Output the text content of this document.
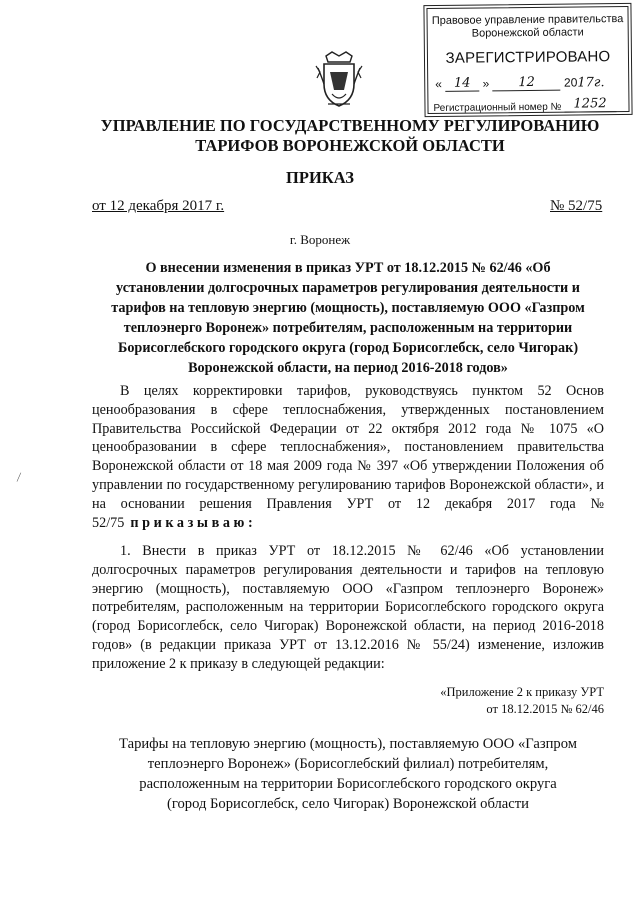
Правовое управление правительства
Воронежской области
ЗАРЕГИСТРИРОВАНО
« 14 » 12 2017г.
Регистрационный номер № 1252
УПРАВЛЕНИЕ ПО ГОСУДАРСТВЕННОМУ РЕГУЛИРОВАНИЮ
ТАРИФОВ ВОРОНЕЖСКОЙ ОБЛАСТИ
ПРИКАЗ
от 12 декабря 2017 г.	№ 52/75
г. Воронеж
О внесении изменения в приказ УРТ от 18.12.2015 № 62/46 «Об
установлении долгосрочных параметров регулирования деятельности и
тарифов на тепловую энергию (мощность), поставляемую ООО «Газпром
теплоэнерго Воронеж» потребителям, расположенным на территории
Борисоглебского городского округа (город Борисоглебск, село Чигорак)
Воронежской области, на период 2016-2018 годов»

В целях корректировки тарифов, руководствуясь пунктом 52 Основ ценообразования в сфере теплоснабжения, утвержденных постановлением Правительства Российской Федерации от 22 октября 2012 года № 1075 «О ценообразовании в сфере теплоснабжения», постановлением правительства Воронежской области от 18 мая 2009 года № 397 «Об утверждении Положения об управлении по государственному регулированию тарифов Воронежской области», и на основании решения Правления УРТ от 12 декабря 2017 года № 52/75 приказываю:

⁄

1. Внести в приказ УРТ от 18.12.2015 № 62/46 «Об установлении долгосрочных параметров регулирования деятельности и тарифов на тепловую энергию (мощность), поставляемую ООО «Газпром теплоэнерго Воронеж» потребителям, расположенным на территории Борисоглебского городского округа (город Борисоглебск, село Чигорак) Воронежской области, на период 2016-2018 годов» (в редакции приказа УРТ от 13.12.2016 № 55/24) изменение, изложив приложение 2 к приказу в следующей редакции:

«Приложение 2 к приказу УРТ
от 18.12.2015 № 62/46
Тарифы на тепловую энергию (мощность), поставляемую ООО «Газпром
теплоэнерго Воронеж» (Борисоглебский филиал) потребителям,
расположенным на территории Борисоглебского городского округа
(город Борисоглебск, село Чигорак) Воронежской области
